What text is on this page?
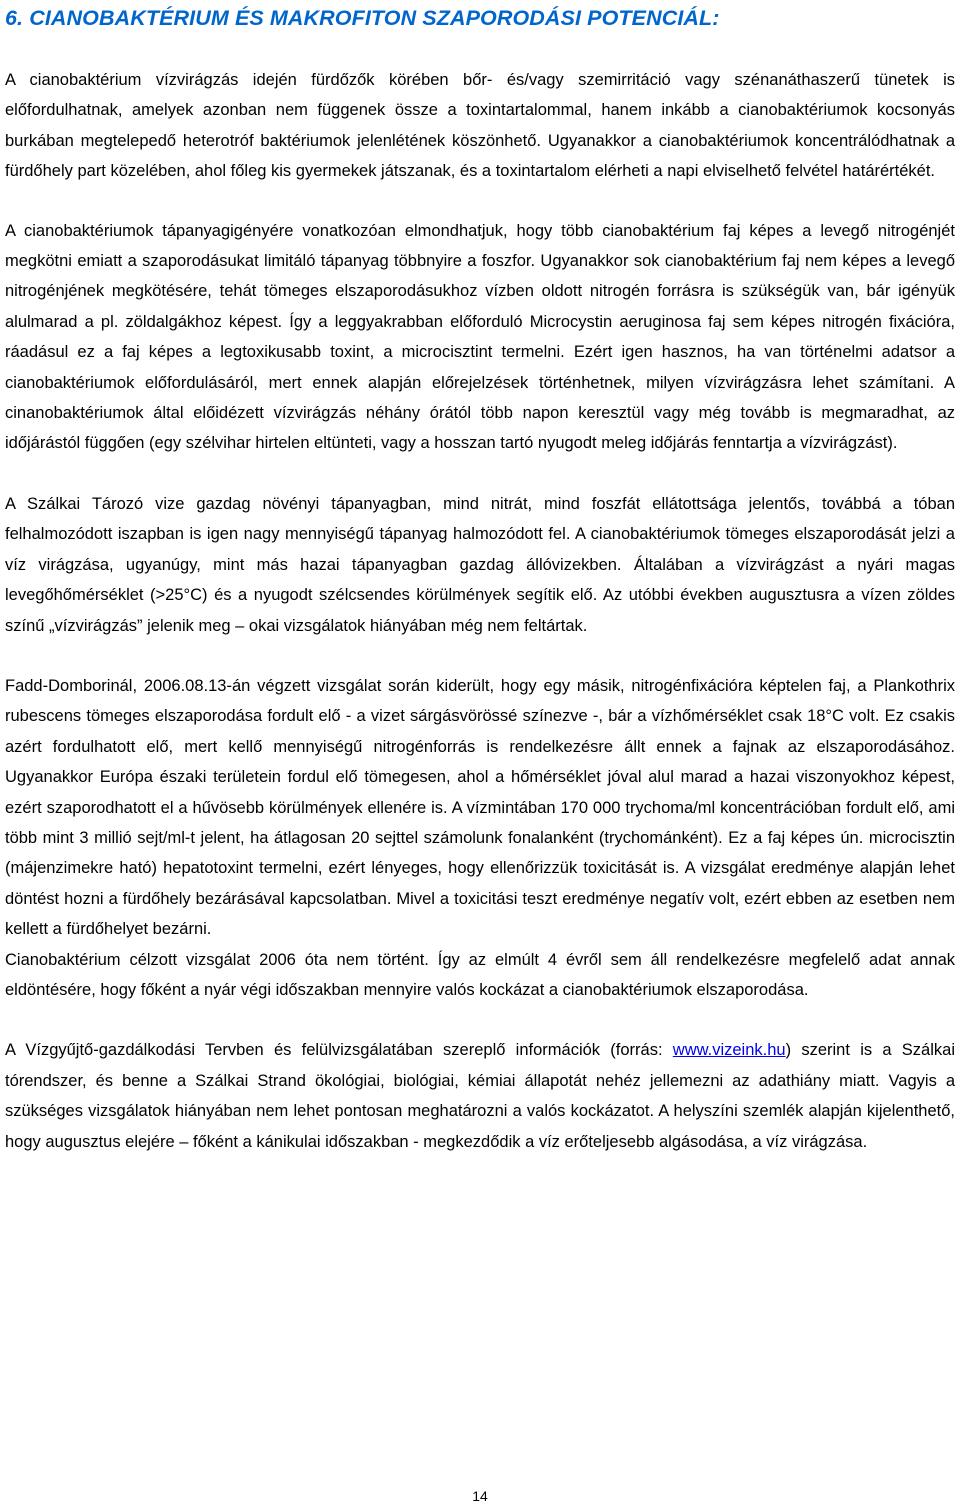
6. CIANOBAKTÉRIUM ÉS MAKROFITON SZAPORODÁSI POTENCIÁL:

A cianobaktérium vízvirágzás idején fürdőzők körében bőr- és/vagy szemirritáció vagy szénanáthaszerű tünetek is előfordulhatnak, amelyek azonban nem függenek össze a toxintartalommal, hanem inkább a cianobaktériumok kocsonyás burkában megtelepedő heterotróf baktériumok jelenlétének köszönhető. Ugyanakkor a cianobaktériumok koncentrálódhatnak a fürdőhely part közelében, ahol főleg kis gyermekek játszanak, és a toxintartalom elérheti a napi elviselhető felvétel határértékét.

A cianobaktériumok tápanyagigényére vonatkozóan elmondhatjuk, hogy több cianobaktérium faj képes a levegő nitrogénjét megkötni emiatt a szaporodásukat limitáló tápanyag többnyire a foszfor. Ugyanakkor sok cianobaktérium faj nem képes a levegő nitrogénjének megkötésére, tehát tömeges elszaporodásukhoz vízben oldott nitrogén forrásra is szükségük van, bár igényük alulmarad a pl. zöldalgákhoz képest. Így a leggyakrabban előforduló Microcystin aeruginosa faj sem képes nitrogén fixációra, ráadásul ez a faj képes a legtoxikusabb toxint, a microcisztint termelni. Ezért igen hasznos, ha van történelmi adatsor a cianobaktériumok előfordulásáról, mert ennek alapján előrejelzések történhetnek, milyen vízvirágzásra lehet számítani. A cinanobaktériumok által előidézett vízvirágzás néhány órától több napon keresztül vagy még tovább is megmaradhat, az időjárástól függően (egy szélvihar hirtelen eltünteti, vagy a hosszan tartó nyugodt meleg időjárás fenntartja a vízvirágzást).

A Szálkai Tározó vize gazdag növényi tápanyagban, mind nitrát, mind foszfát ellátottsága jelentős, továbbá a tóban felhalmozódott iszapban is igen nagy mennyiségű tápanyag halmozódott fel. A cianobaktériumok tömeges elszaporodását jelzi a víz virágzása, ugyanúgy, mint más hazai tápanyagban gazdag állóvizekben. Általában a vízvirágzást a nyári magas levegőhőmérséklet (>25°C) és a nyugodt szélcsendes körülmények segítik elő. Az utóbbi években augusztusra a vízen zöldes színű „vízvirágzás” jelenik meg – okai vizsgálatok hiányában még nem feltártak.

Fadd-Domborinál, 2006.08.13-án végzett vizsgálat során kiderült, hogy egy másik, nitrogénfixációra képtelen faj, a Plankothrix rubescens tömeges elszaporodása fordult elő - a vizet sárgásvörössé színezve -, bár a vízhőmérséklet csak 18°C volt. Ez csakis azért fordulhatott elő, mert kellő mennyiségű nitrogénforrás is rendelkezésre állt ennek a fajnak az elszaporodásához. Ugyanakkor Európa északi területein fordul elő tömegesen, ahol a hőmérséklet jóval alul marad a hazai viszonyokhoz képest, ezért szaporodhatott el a hűvösebb körülmények ellenére is. A vízmintában 170 000 trychoma/ml koncentrációban fordult elő, ami több mint 3 millió sejt/ml-t jelent, ha átlagosan 20 sejttel számolunk fonalanként (trychománként). Ez a faj képes ún. microcisztin (májenzimekre ható) hepatotoxint termelni, ezért lényeges, hogy ellenőrizzük toxicitását is. A vizsgálat eredménye alapján lehet döntést hozni a fürdőhely bezárásával kapcsolatban. Mivel a toxicitási teszt eredménye negatív volt, ezért ebben az esetben nem kellett a fürdőhelyet bezárni.

Cianobaktérium célzott vizsgálat 2006 óta nem történt. Így az elmúlt 4 évről sem áll rendelkezésre megfelelő adat annak eldöntésére, hogy főként a nyár végi időszakban mennyire valós kockázat a cianobaktériumok elszaporodása.

A Vízgyűjtő-gazdálkodási Tervben és felülvizsgálatában szereplő információk (forrás: www.vizeink.hu) szerint is a Szálkai tórendszer, és benne a Szálkai Strand ökológiai, biológiai, kémiai állapotát nehéz jellemezni az adathiány miatt. Vagyis a szükséges vizsgálatok hiányában nem lehet pontosan meghatározni a valós kockázatot. A helyszíni szemlék alapján kijelenthető, hogy augusztus elejére – főként a kánikulai időszakban - megkezdődik a víz erőteljesebb algásodása, a víz virágzása.

14
